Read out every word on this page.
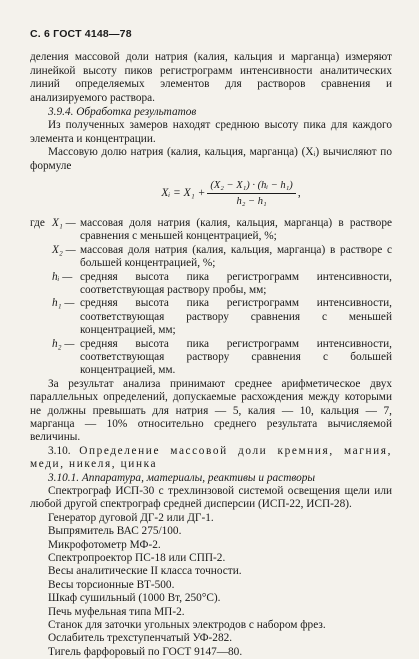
С. 6 ГОСТ 4148—78

деления массовой доли натрия (калия, кальция и марганца) измеряют линейкой высоту пиков регистрограмм интенсивности аналитических линий определяемых элементов для растворов сравнения и анализируемого раствора.

3.9.4. Обработка результатов

Из полученных замеров находят среднюю высоту пика для каждого элемента и концентрации.

Массовую долю натрия (калия, кальция, марганца) (Xᵢ) вычисляют по формуле

Xᵢ = $X_1 + \frac{\text{(X₂ − X₁) · (hᵢ − h₁)}}{\text{h₂ − h₁}}$ ,
где	X₁ —	массовая доля натрия (калия, кальция, марганца) в растворе сравнения с меньшей концентрацией, %;
	X₂ —	массовая доля натрия (калия, кальция, марганца) в растворе с большей концентрацией, %;
	hᵢ —	средняя высота пика регистрограмм интенсивности, соответствующая раствору пробы, мм;
	h₁ —	средняя высота пика регистрограмм интенсивности, соответствующая раствору сравнения с меньшей концентрацией, мм;
	h₂ —	средняя высота пика регистрограмм интенсивности, соответствующая раствору сравнения с большей концентрацией, мм.

За результат анализа принимают среднее арифметическое двух параллельных определений, допускаемые расхождения между которыми не должны превышать для натрия — 5, калия — 10, кальция — 7, марганца — 10% относительно среднего результата вычисляемой величины.

3.10. Определение массовой доли кремния, магния, меди, никеля, цинка

3.10.1. Аппаратура, материалы, реактивы и растворы

Спектрограф ИСП-30 с трехлинзовой системой освещения щели или любой другой спектрограф средней дисперсии (ИСП-22, ИСП-28).

Генератор дуговой ДГ-2 или ДГ-1.

Выпрямитель ВАС 275/100.

Микрофотометр МФ-2.

Спектропроектор ПС-18 или СПП-2.

Весы аналитические II класса точности.

Весы торсионные ВТ-500.

Шкаф сушильный (1000 Вт, 250°С).

Печь муфельная типа МП-2.

Станок для заточки угольных электродов с набором фрез.

Ослабитель трехступенчатый УФ-282.

Тигель фарфоровый по ГОСТ 9147—80.
